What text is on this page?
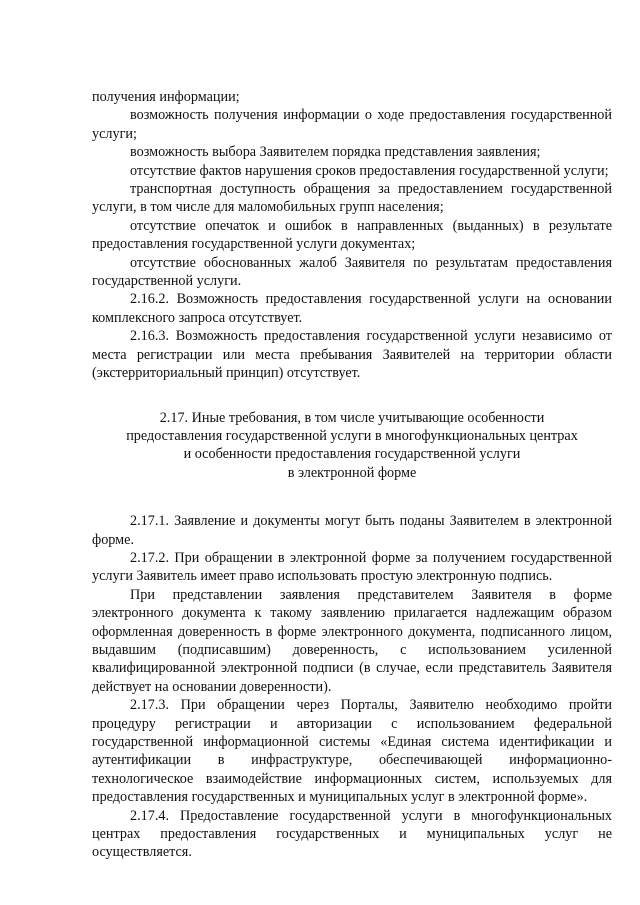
получения информации;

возможность получения информации о ходе предоставления государственной услуги;

возможность выбора Заявителем порядка представления заявления;

отсутствие фактов нарушения сроков предоставления государственной услуги;

транспортная доступность обращения за предоставлением государственной услуги, в том числе для маломобильных групп населения;

отсутствие опечаток и ошибок в направленных (выданных) в результате предоставления государственной услуги документах;

отсутствие обоснованных жалоб Заявителя по результатам предоставления государственной услуги.

2.16.2. Возможность предоставления государственной услуги на основании комплексного запроса отсутствует.

2.16.3. Возможность предоставления государственной услуги независимо от места регистрации или места пребывания Заявителей на территории области (экстерриториальный принцип) отсутствует.

2.17. Иные требования, в том числе учитывающие особенности
предоставления государственной услуги в многофункциональных центрах
и особенности предоставления государственной услуги
в электронной форме

2.17.1. Заявление и документы могут быть поданы Заявителем в электронной форме.

2.17.2. При обращении в электронной форме за получением государственной услуги Заявитель имеет право использовать простую электронную подпись.

При представлении заявления представителем Заявителя в форме электронного документа к такому заявлению прилагается надлежащим образом оформленная доверенность в форме электронного документа, подписанного лицом, выдавшим (подписавшим) доверенность, с использованием усиленной квалифицированной электронной подписи (в случае, если представитель Заявителя действует на основании доверенности).

2.17.3. При обращении через Порталы, Заявителю необходимо пройти процедуру регистрации и авторизации с использованием федеральной государственной информационной системы «Единая система идентификации и аутентификации в инфраструктуре, обеспечивающей информационно-технологическое взаимодействие информационных систем, используемых для предоставления государственных и муниципальных услуг в электронной форме».

2.17.4. Предоставление государственной услуги в многофункциональных центрах предоставления государственных и муниципальных услуг не осуществляется.
